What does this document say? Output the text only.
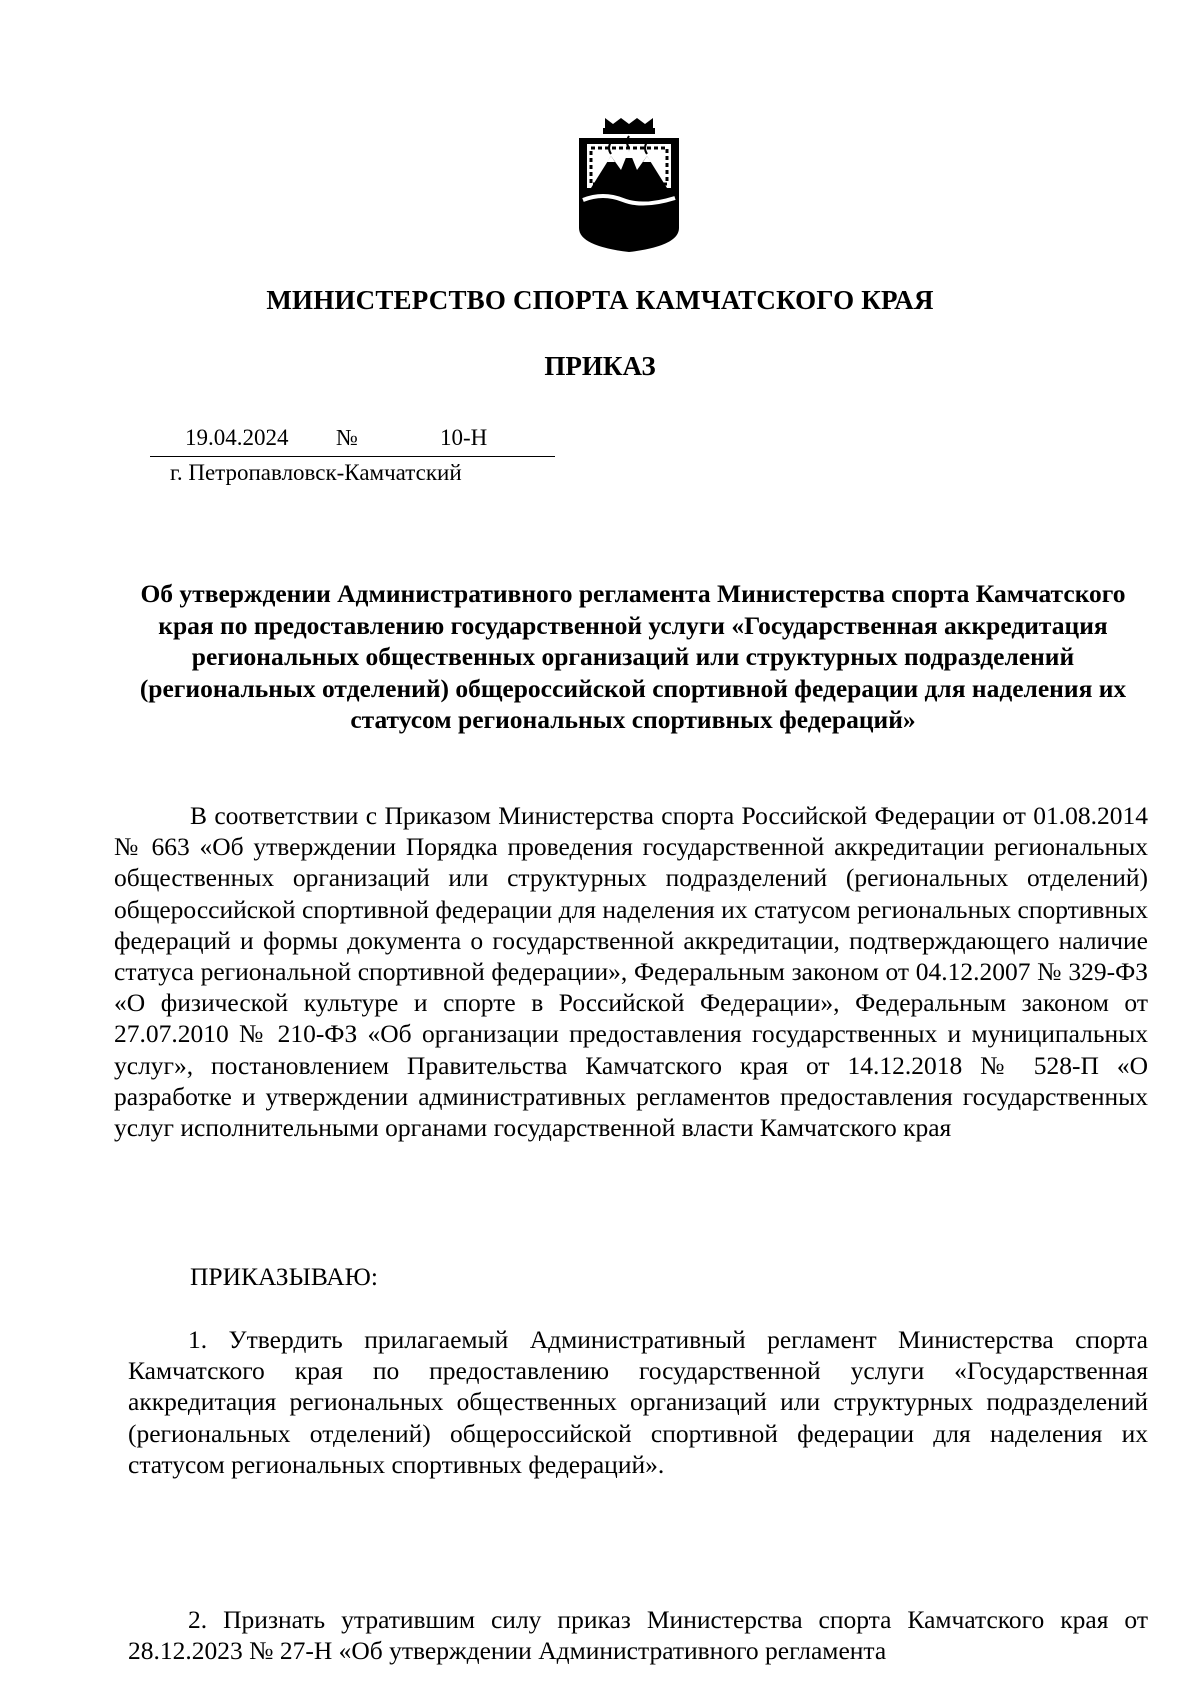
МИНИСТЕРСТВО СПОРТА КАМЧАТСКОГО КРАЯ
ПРИКАЗ
19.04.2024 №	10-Н
г. Петропавловск-Камчатский
Об утверждении Административного регламента Министерства спорта Камчатского края по предоставлению государственной услуги «Государственная аккредитация региональных общественных организаций или структурных подразделений (региональных отделений) общероссийской спортивной федерации для наделения их статусом региональных спортивных федераций»
В соответствии с Приказом Министерства спорта Российской Федерации от 01.08.2014 № 663 «Об утверждении Порядка проведения государственной аккредитации региональных общественных организаций или структурных подразделений (региональных отделений) общероссийской спортивной федерации для наделения их статусом региональных спортивных федераций и формы документа о государственной аккредитации, подтверждающего наличие статуса региональной спортивной федерации», Федеральным законом от 04.12.2007 № 329-ФЗ «О физической культуре и спорте в Российской Федерации», Федеральным законом от 27.07.2010 № 210-ФЗ «Об организации предоставления государственных и муниципальных услуг», постановлением Правительства Камчатского края от 14.12.2018 № 528-П «О разработке и утверждении административных регламентов предоставления государственных услуг исполнительными органами государственной власти Камчатского края
ПРИКАЗЫВАЮ:
1. Утвердить прилагаемый Административный регламент Министерства спорта Камчатского края по предоставлению государственной услуги «Государственная аккредитация региональных общественных организаций или структурных подразделений (региональных отделений) общероссийской спортивной федерации для наделения их статусом региональных спортивных федераций».
2. Признать утратившим силу приказ Министерства спорта Камчатского края от 28.12.2023 № 27-Н «Об утверждении Административного регламента
